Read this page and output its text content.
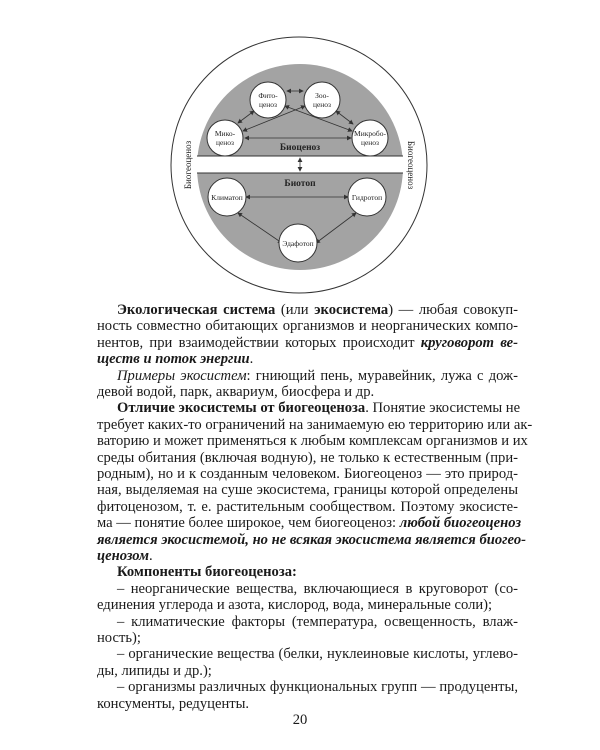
Фито-ценоз
Зоо-ценоз
Мико-ценоз
Микробо-ценоз
Климатоп	Гидротоп
Эдафотоп
Биоценоз
Биотоп
Биогеоценоз	Биогеоценоз
Экологическая система (или экосистема) — любая совокуп-
ность совместно обитающих организмов и неорганических компо-
нентов, при взаимодействии которых происходит круговорот ве-
ществ и поток энергии.
Примеры экосистем: гниющий пень, муравейник, лужа с дож-
девой водой, парк, аквариум, биосфера и др.
Отличие экосистемы от биогеоценоза. Понятие экосистемы не
требует каких-то ограничений на занимаемую ею территорию или ак-
ваторию и может применяться к любым комплексам организмов и их
среды обитания (включая водную), не только к естественным (при-
родным), но и к созданным человеком. Биогеоценоз — это природ-
ная, выделяемая на суше экосистема, границы которой определены
фитоценозом, т. е. растительным сообществом. Поэтому экосисте-
ма — понятие более широкое, чем биогеоценоз: любой биогеоценоз
является экосистемой, но не всякая экосистема является биогео-
ценозом.
Компоненты биогеоценоза:
– неорганические вещества, включающиеся в круговорот (со-
единения углерода и азота, кислород, вода, минеральные соли);
– климатические факторы (температура, освещенность, влаж-
ность);
– органические вещества (белки, нуклеиновые кислоты, углево-
ды, липиды и др.);
– организмы различных функциональных групп — продуценты,
консументы, редуценты.
20
